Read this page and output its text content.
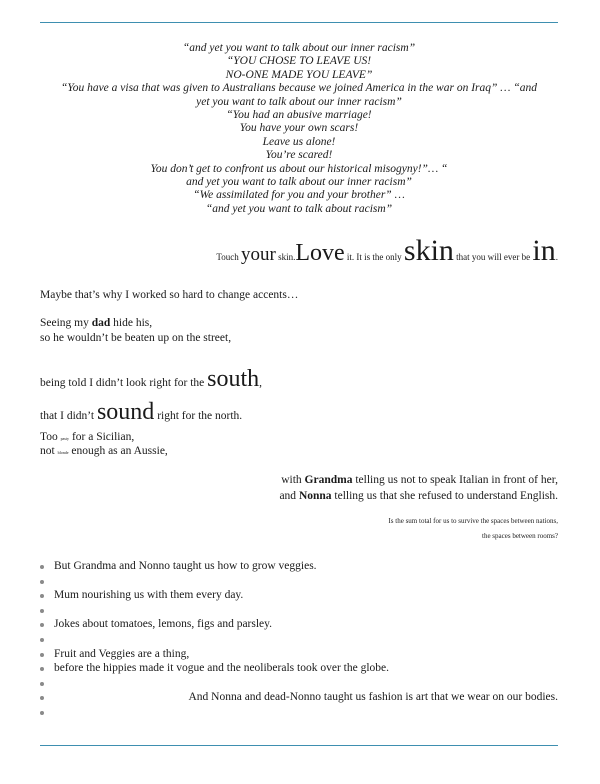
“and yet you want to talk about our inner racism”
“YOU CHOSE TO LEAVE US!
NO-ONE MADE YOU LEAVE”
“You have a visa that was given to Australians because we joined America in the war on Iraq” … “and
yet you want to talk about our inner racism”
“You had an abusive marriage!
You have your own scars!
Leave us alone!
You’re scared!
You don’t get to confront us about our historical misogyny!”… “
and yet you want to talk about our inner racism”
“We assimilated for you and your brother” …
“and yet you want to talk about racism”
Touch your skin.Love it. It is the only skin that you will ever be in.
Maybe that’s why I worked so hard to change accents…
Seeing my dad hide his,
so he wouldn’t be beaten up on the street,
being told I didn’t look right for the south,
that I didn’t sound right for the north.
Too pasty for a Sicilian,
not blonde enough as an Aussie,
with Grandma telling us not to speak Italian in front of her,
and Nonna telling us that she refused to understand English.
Is the sum total for us to survive the spaces between nations,
the spaces between rooms?
But Grandma and Nonno taught us how to grow veggies.
Mum nourishing us with them every day.
Jokes about tomatoes, lemons, figs and parsley.
Fruit and Veggies are a thing,
before the hippies made it vogue and the neoliberals took over the globe.
And Nonna and dead-Nonno taught us fashion is art that we wear on our bodies.
